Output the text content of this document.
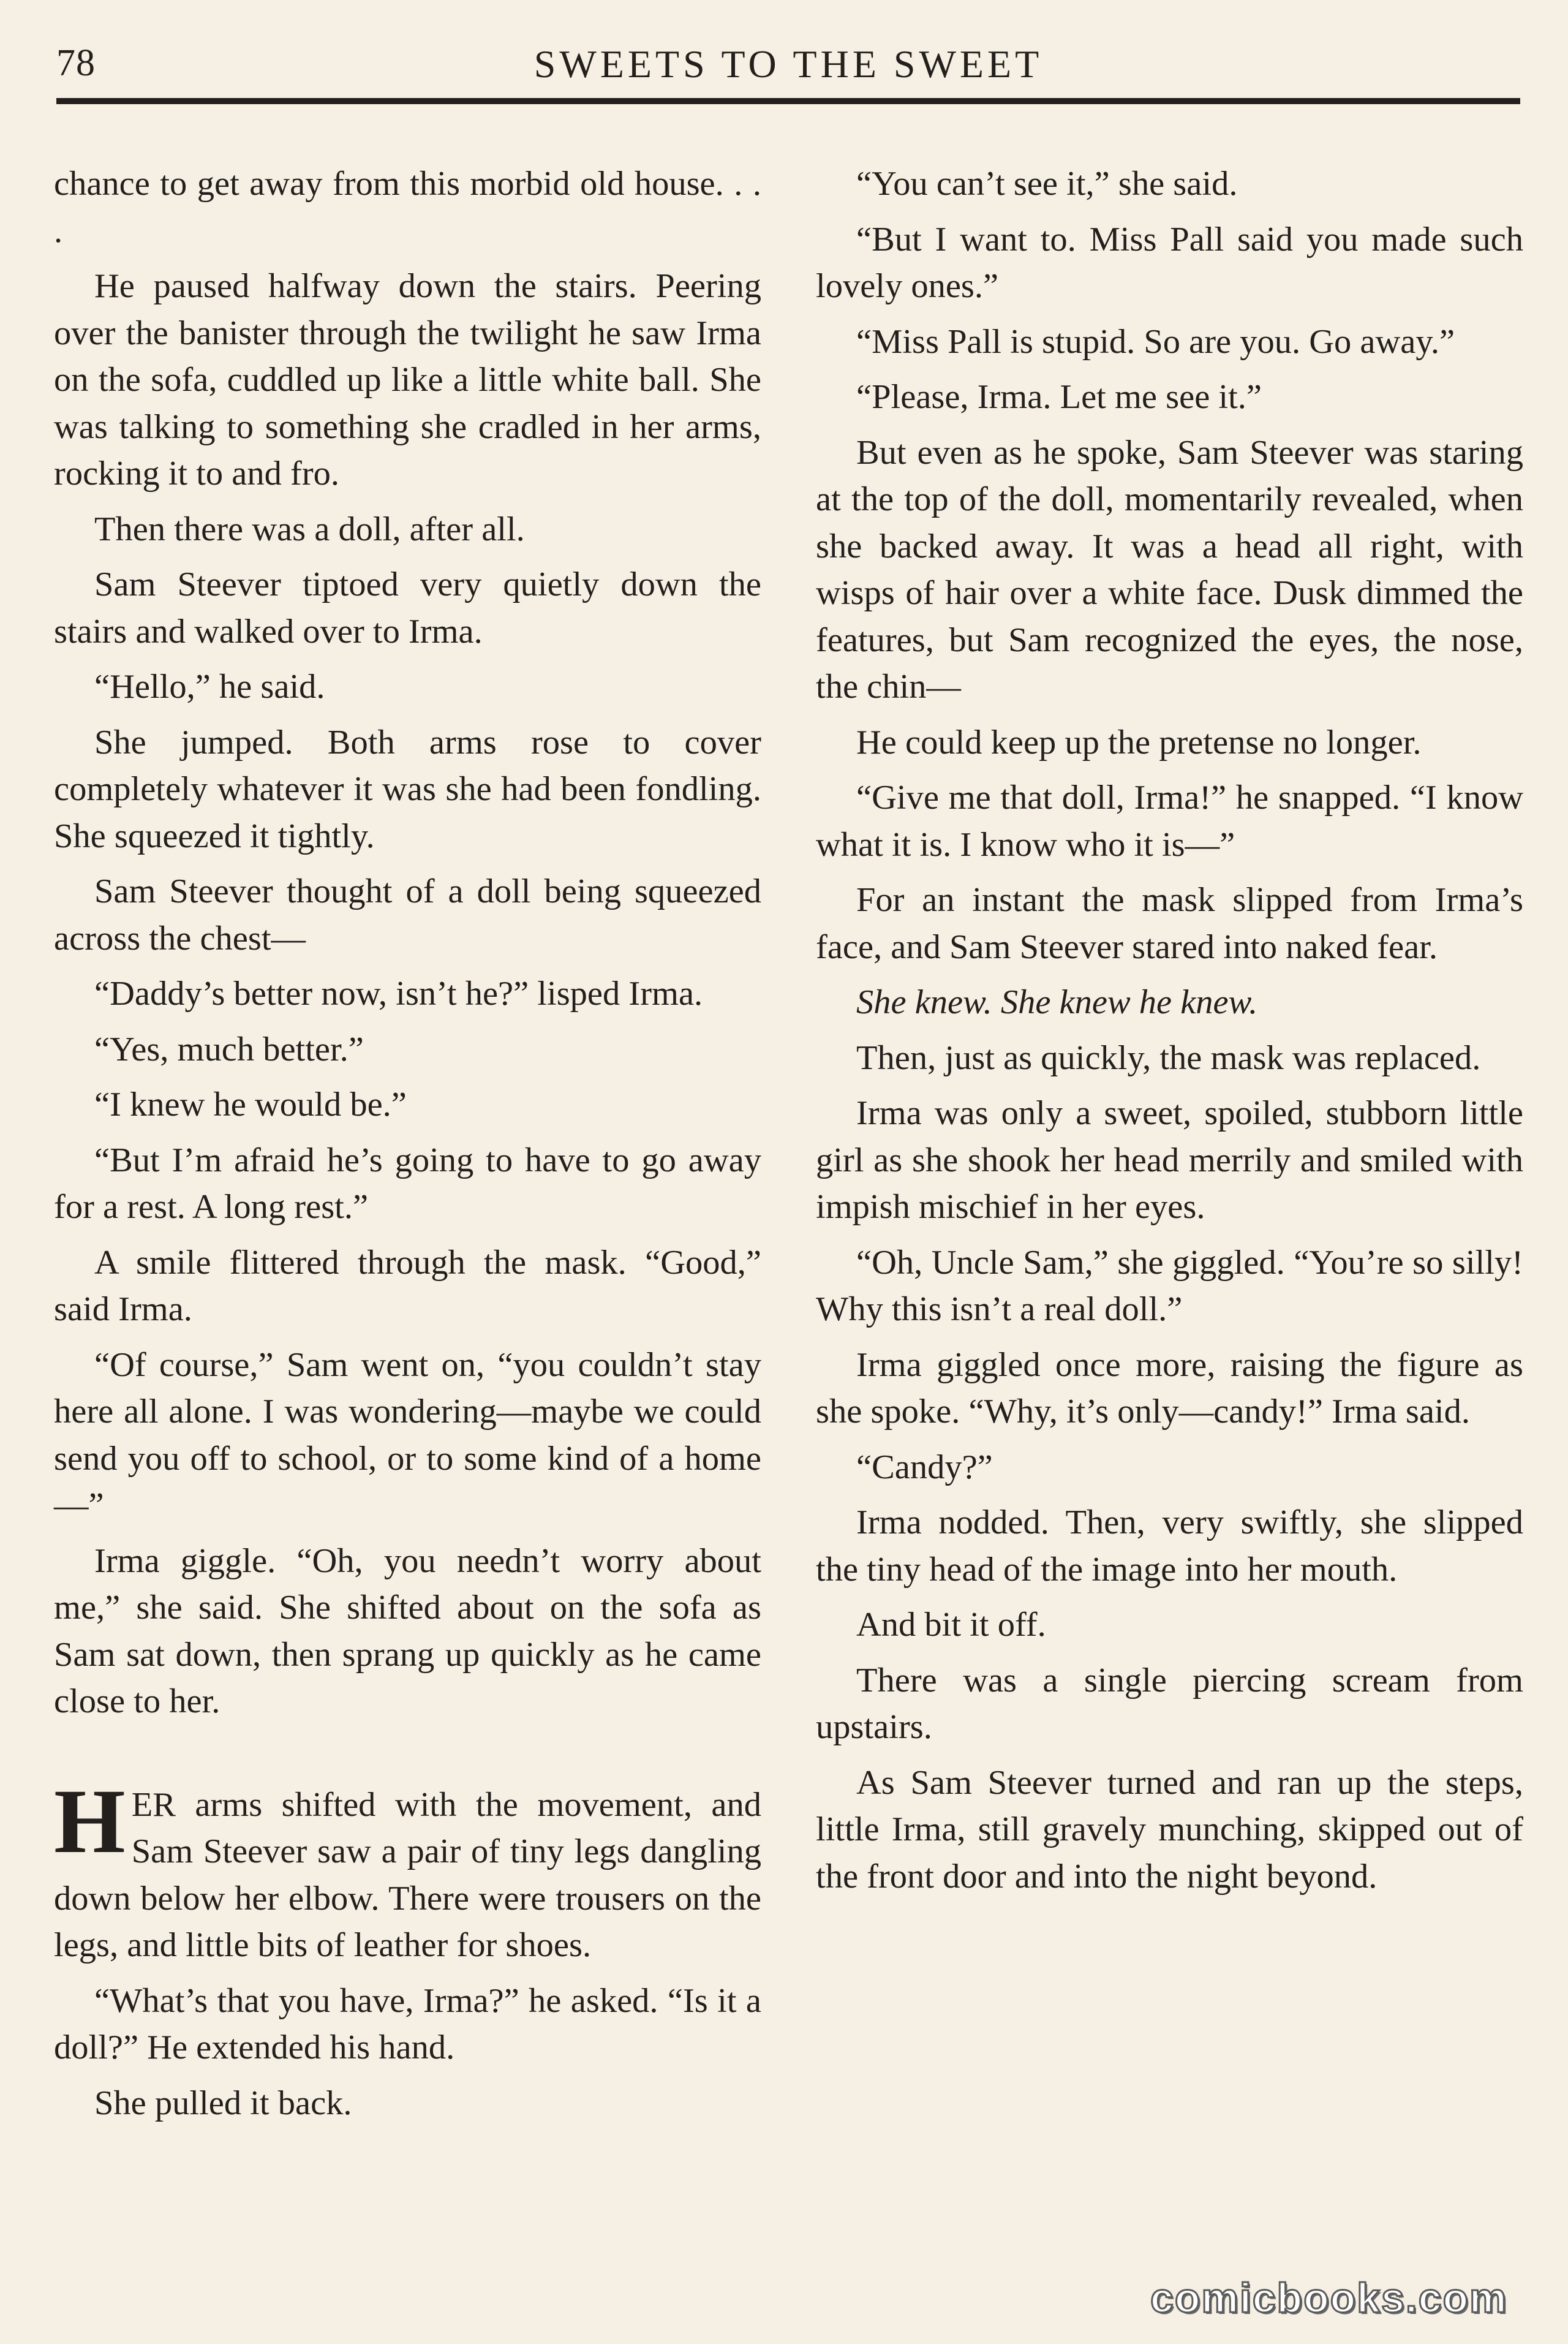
78	SWEETS TO THE SWEET

chance to get away from this morbid old house. . . .

He paused halfway down the stairs. Peering over the banister through the twilight he saw Irma on the sofa, cuddled up like a little white ball. She was talking to something she cradled in her arms, rocking it to and fro.

Then there was a doll, after all.

Sam Steever tiptoed very quietly down the stairs and walked over to Irma.

“Hello,” he said.

She jumped. Both arms rose to cover completely whatever it was she had been fondling. She squeezed it tightly.

Sam Steever thought of a doll being squeezed across the chest—

“Daddy’s better now, isn’t he?” lisped Irma.

“Yes, much better.”

“I knew he would be.”

“But I’m afraid he’s going to have to go away for a rest. A long rest.”

A smile flittered through the mask. “Good,” said Irma.

“Of course,” Sam went on, “you couldn’t stay here all alone. I was wondering—maybe we could send you off to school, or to some kind of a home—”

Irma giggle. “Oh, you needn’t worry about me,” she said. She shifted about on the sofa as Sam sat down, then sprang up quickly as he came close to her.

HER arms shifted with the movement, and Sam Steever saw a pair of tiny legs dangling down below her elbow. There were trousers on the legs, and little bits of leather for shoes.

“What’s that you have, Irma?” he asked. “Is it a doll?” He extended his hand.

She pulled it back.

“You can’t see it,” she said.

“But I want to. Miss Pall said you made such lovely ones.”

“Miss Pall is stupid. So are you. Go away.”

“Please, Irma. Let me see it.”

But even as he spoke, Sam Steever was staring at the top of the doll, momentarily revealed, when she backed away. It was a head all right, with wisps of hair over a white face. Dusk dimmed the features, but Sam recognized the eyes, the nose, the chin—

He could keep up the pretense no longer.

“Give me that doll, Irma!” he snapped. “I know what it is. I know who it is—”

For an instant the mask slipped from Irma’s face, and Sam Steever stared into naked fear.

She knew. She knew he knew.

Then, just as quickly, the mask was replaced.

Irma was only a sweet, spoiled, stubborn little girl as she shook her head merrily and smiled with impish mischief in her eyes.

“Oh, Uncle Sam,” she giggled. “You’re so silly! Why this isn’t a real doll.”

Irma giggled once more, raising the figure as she spoke. “Why, it’s only—candy!” Irma said.

“Candy?”

Irma nodded. Then, very swiftly, she slipped the tiny head of the image into her mouth.

And bit it off.

There was a single piercing scream from upstairs.

As Sam Steever turned and ran up the steps, little Irma, still gravely munching, skipped out of the front door and into the night beyond.

comicbooks.com
